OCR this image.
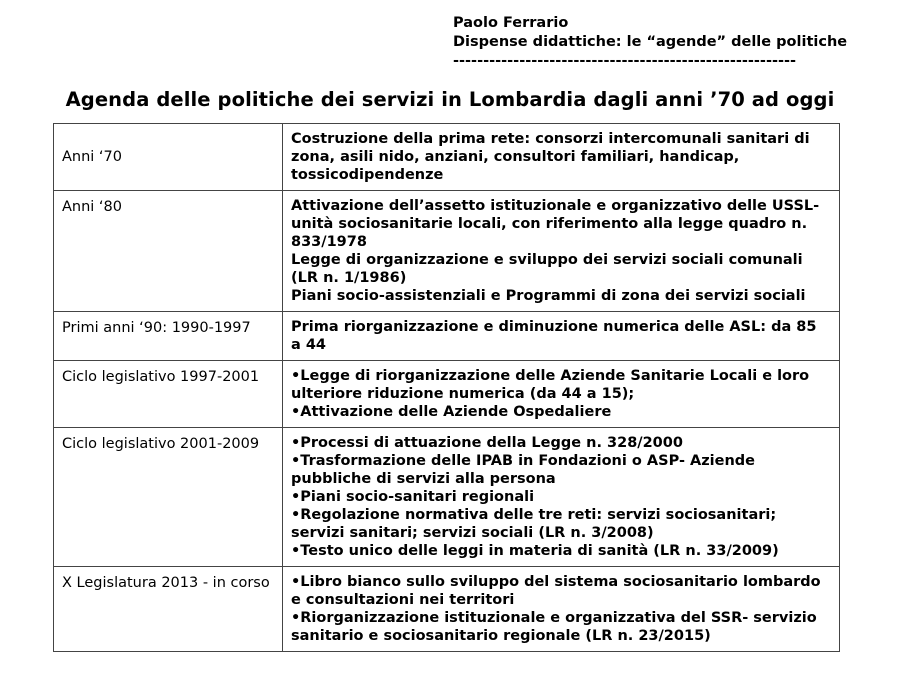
Paolo Ferrario
Dispense didattiche: le “agende” delle politiche
---------------------------------------------------------
Agenda delle politiche dei servizi in Lombardia dagli anni ’70 ad oggi
Anni ‘70	Costruzione della prima rete: consorzi intercomunali sanitari di zona, asili nido, anziani, consultori familiari, handicap, tossicodipendenze

Anni ‘80	Attivazione dell’assetto istituzionale e organizzativo delle USSL- unità sociosanitarie locali, con riferimento alla legge quadro n. 833/1978
Legge di organizzazione e sviluppo dei servizi sociali comunali (LR n. 1/1986)
Piani socio-assistenziali e Programmi di zona dei servizi sociali

Primi anni ‘90: 1990-1997	Prima riorganizzazione e diminuzione numerica delle ASL: da 85 a 44

Ciclo legislativo 1997-2001	•Legge di riorganizzazione delle Aziende Sanitarie Locali e loro ulteriore riduzione numerica (da 44 a 15);
•Attivazione delle Aziende Ospedaliere

Ciclo legislativo 2001-2009	•Processi di attuazione della Legge n. 328/2000
•Trasformazione delle IPAB in Fondazioni o ASP- Aziende pubbliche di servizi alla persona
•Piani socio-sanitari regionali
•Regolazione normativa delle tre reti: servizi sociosanitari; servizi sanitari; servizi sociali (LR n. 3/2008)
•Testo unico delle leggi in materia di sanità (LR n. 33/2009)

X Legislatura 2013 - in corso	•Libro bianco sullo sviluppo del sistema sociosanitario lombardo e consultazioni nei territori
•Riorganizzazione istituzionale e organizzativa del SSR- servizio sanitario e sociosanitario regionale (LR n. 23/2015)
